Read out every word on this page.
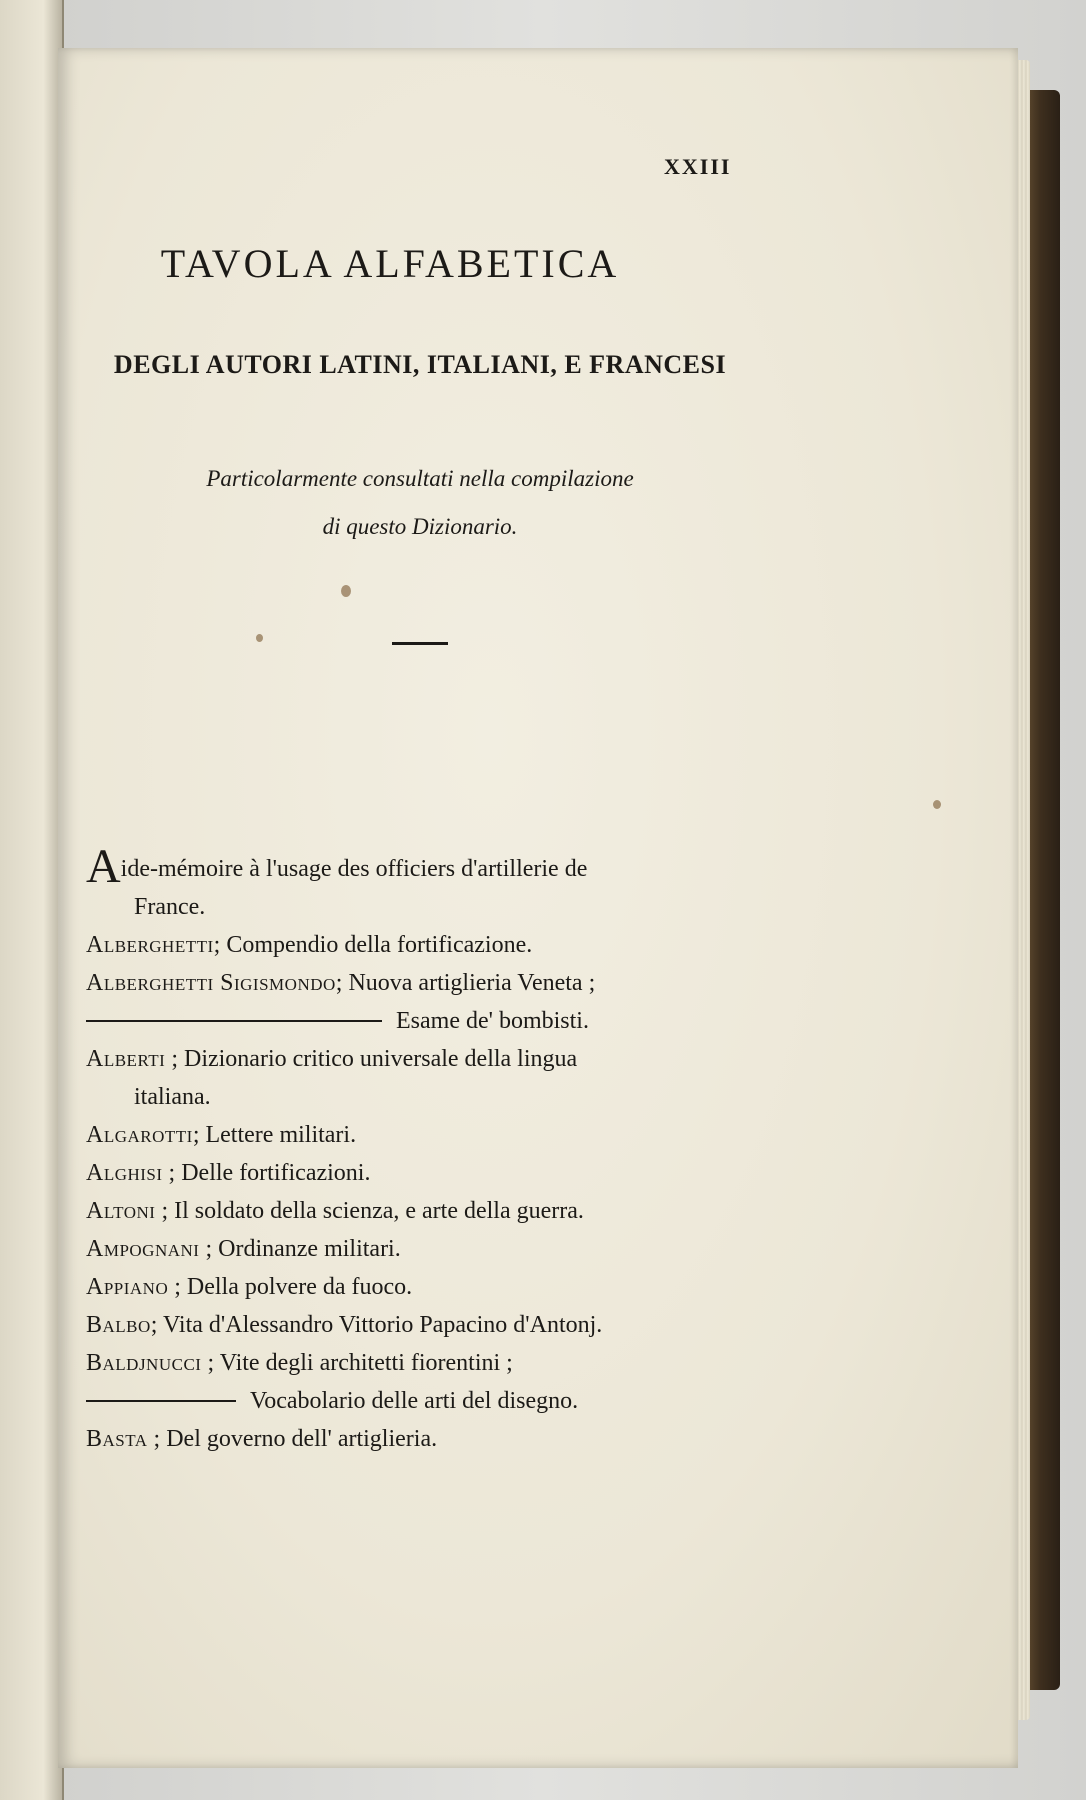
XXIII
TAVOLA ALFABETICA
DEGLI AUTORI LATINI, ITALIANI, E FRANCESI
Particolarmente consultati nella compilazione
di questo Dizionario.
Aide-mémoire à l'usage des officiers d'artillerie de
France.
Alberghetti; Compendio della fortificazione.
Alberghetti Sigismondo; Nuova artiglieria Veneta ;
Esame de' bombisti.
Alberti ; Dizionario critico universale della lingua
italiana.
Algarotti; Lettere militari.
Alghisi ; Delle fortificazioni.
Altoni ; Il soldato della scienza, e arte della guerra.
Ampognani ; Ordinanze militari.
Appiano ; Della polvere da fuoco.
Balbo; Vita d'Alessandro Vittorio Papacino d'Antonj.
Baldjnucci ; Vite degli architetti fiorentini ;
Vocabolario delle arti del disegno.
Basta ; Del governo dell' artiglieria.
